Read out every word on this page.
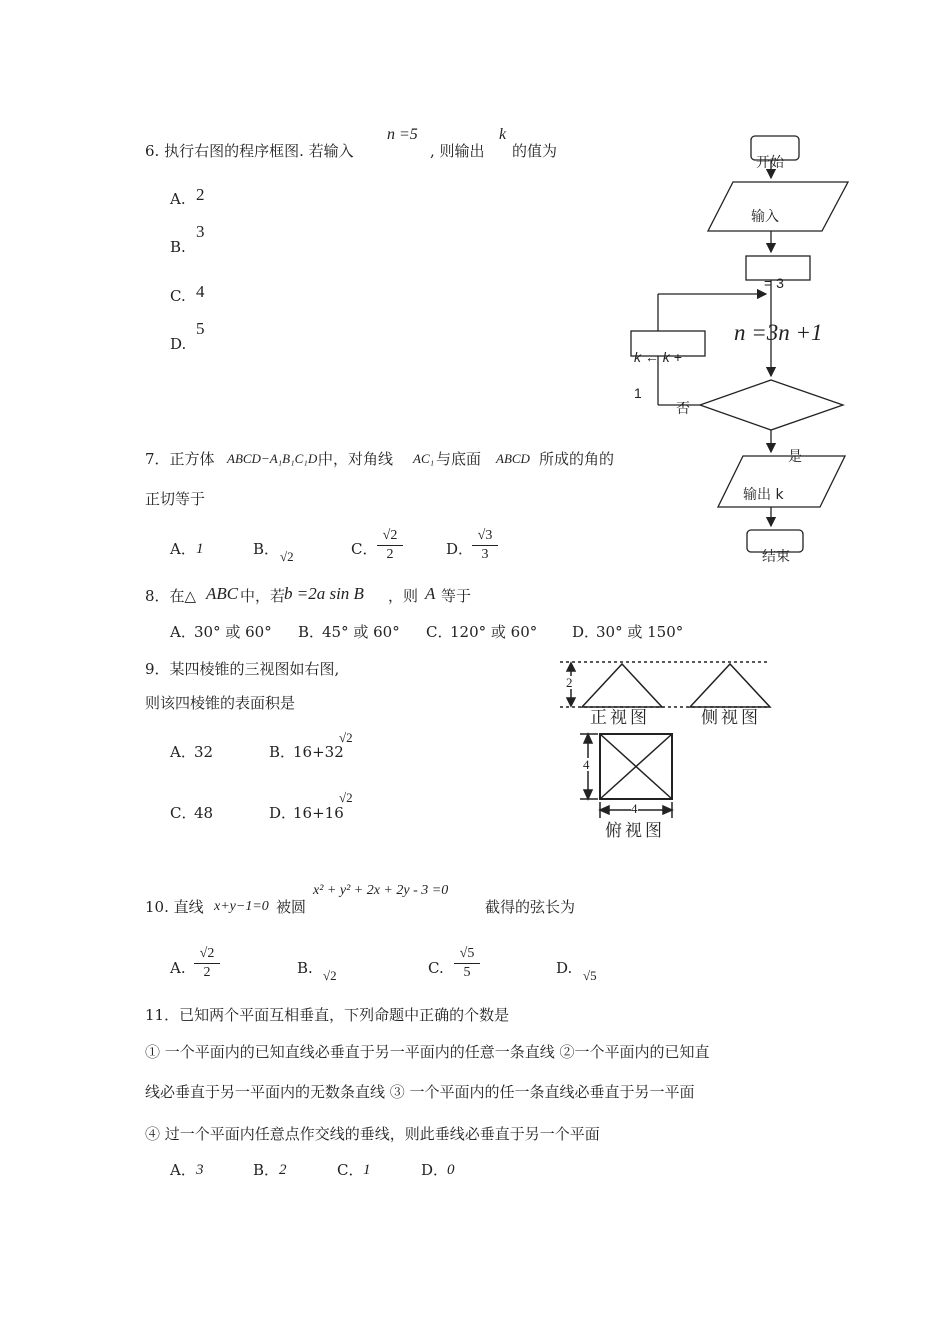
6. 执行右图的程序框图. 若输入
n =5
, 则输出
k
的值为
A. 2
B.
3
C. 4
D.
5
开始
输入
= 3
n =3n +1
k ← k +
1
否
是
输出 k
结束
7．正方体 ABCD−A₁B₁C₁D₁
中，对角线 AC₁ 与底面 ABCD 所成的角的
正切等于
A． 1	B． √2	C． $\frac{√2}{2}$	D．
$\frac{√3}{3}$
8．在△ ABC 中，若
b =2a sin B ，则 A 等于
A．
30° 或 60° B．
45° 或 60° C．
120° 或 60° D．
30° 或 150°
9．某四棱锥的三视图如右图,
则该四棱锥的表面积是
A．
32	B．
16+32
√2
C．
48	D．
16+16
√2
2
4
4
正视图	侧视图
俯视图
10. 直线 x+y−1=0 被圆
x² + y² + 2x + 2y - 3 =0
截得的弦长为
A. $\frac{√2}{2}$	B. √2	C. $\frac{√5}{5}$	D. √5
11．已知两个平面互相垂直，下列命题中正确的个数是
① 一个平面内的已知直线必垂直于另一平面内的任意一条直线 ②一个平面内的已知直
线必垂直于另一平面内的无数条直线 ③ 一个平面内的任一条直线必垂直于另一平面
④ 过一个平面内任意点作交线的垂线，则此垂线必垂直于另一个平面
A． 3	B． 2	C． 1	D．
0
